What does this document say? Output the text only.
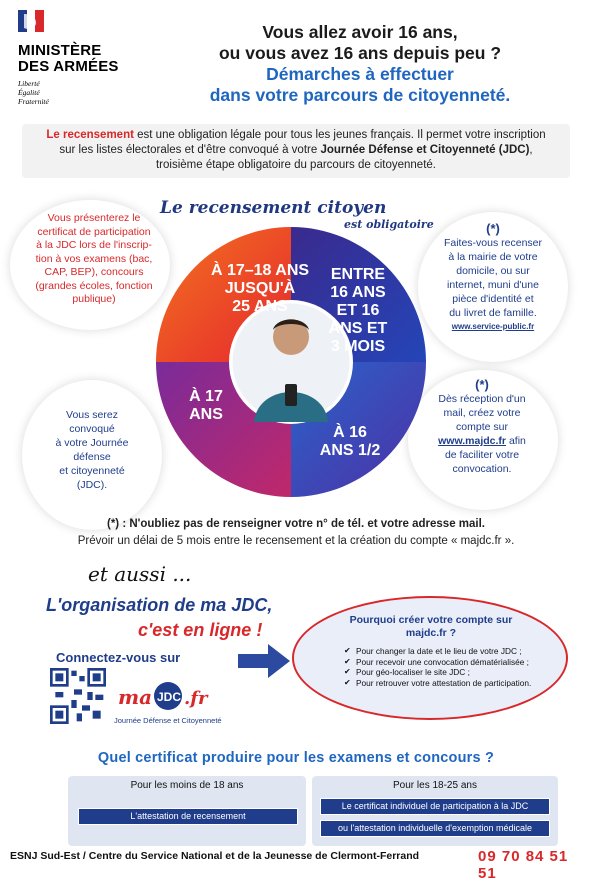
MINISTÈRE
DES ARMÉES
Liberté
Égalité
Fraternité
Vous allez avoir 16 ans,
ou vous avez 16 ans depuis peu ?
Démarches à effectuer
dans votre parcours de citoyenneté.
Le recensement est une obligation légale pour tous les jeunes français. Il permet votre inscription
sur les listes électorales et d'être convoqué à votre Journée Défense et Citoyenneté (JDC),
troisième étape obligatoire du parcours de citoyenneté.
Le recensement citoyen
est obligatoire
À 17–18 ANS
JUSQU'À
25 ANS
ENTRE
16 ANS
ET 16
ANS ET
3 MOIS
À 16
ANS 1/2
À 17
ANS
Vous présenterez le
certificat de participation
à la JDC lors de l'inscrip-
tion à vos examens (bac,
CAP, BEP), concours
(grandes écoles, fonction
publique)
Vous serez
convoqué
à votre Journée
défense
et citoyenneté
(JDC).
(*)
Faites-vous recenser
à la mairie de votre
domicile, ou sur
internet, muni d'une
pièce d'identité et
du livret de famille.
www.service-public.fr
(*)
Dès réception d'un
mail, créez votre
compte sur
www.majdc.fr afin
de faciliter votre
convocation.
(*) : N'oubliez pas de renseigner votre n° de tél. et votre adresse mail.
Prévoir un délai de 5 mois entre le recensement et la création du compte « majdc.fr ».
et aussi ...
L'organisation de ma JDC,
c'est en ligne !
Connectez-vous sur
ma JDC .fr
Journée Défense et Citoyenneté
Pourquoi créer votre compte sur
majdc.fr ?
✔ Pour changer la date et le lieu de votre JDC ;
✔ Pour recevoir une convocation dématérialisée ;
✔ Pour géo-localiser le site JDC ;
✔ Pour retrouver votre attestation de participation.
Quel certificat produire pour les examens et concours ?
Pour les moins de 18 ans
L'attestation de recensement
Pour les 18-25 ans
Le certificat individuel de participation à la JDC
ou l'attestation individuelle d'exemption médicale
ESNJ Sud-Est / Centre du Service National et de la Jeunesse de Clermont-Ferrand	09 70 84 51 51
